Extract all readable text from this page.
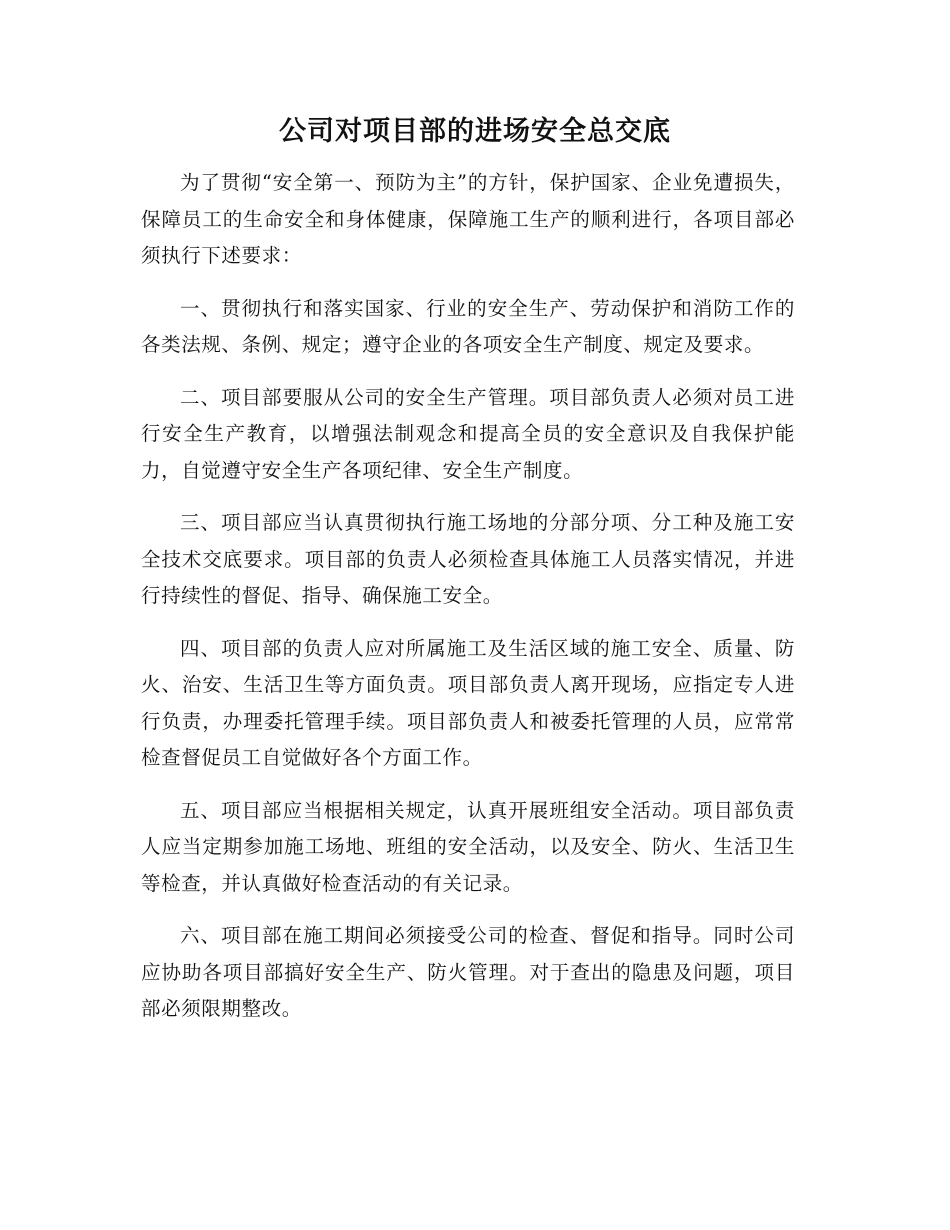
公司对项目部的进场安全总交底

为了贯彻“安全第一、预防为主”的方针，保护国家、企业免遭损失，保障员工的生命安全和身体健康，保障施工生产的顺利进行，各项目部必须执行下述要求：

一、贯彻执行和落实国家、行业的安全生产、劳动保护和消防工作的各类法规、条例、规定；遵守企业的各项安全生产制度、规定及要求。

二、项目部要服从公司的安全生产管理。项目部负责人必须对员工进行安全生产教育，以增强法制观念和提高全员的安全意识及自我保护能力，自觉遵守安全生产各项纪律、安全生产制度。

三、项目部应当认真贯彻执行施工场地的分部分项、分工种及施工安全技术交底要求。项目部的负责人必须检查具体施工人员落实情况，并进行持续性的督促、指导、确保施工安全。

四、项目部的负责人应对所属施工及生活区域的施工安全、质量、防火、治安、生活卫生等方面负责。项目部负责人离开现场，应指定专人进行负责，办理委托管理手续。项目部负责人和被委托管理的人员，应常常检查督促员工自觉做好各个方面工作。

五、项目部应当根据相关规定，认真开展班组安全活动。项目部负责人应当定期参加施工场地、班组的安全活动，以及安全、防火、生活卫生等检查，并认真做好检查活动的有关记录。

六、项目部在施工期间必须接受公司的检查、督促和指导。同时公司应协助各项目部搞好安全生产、防火管理。对于查出的隐患及问题，项目部必须限期整改。
